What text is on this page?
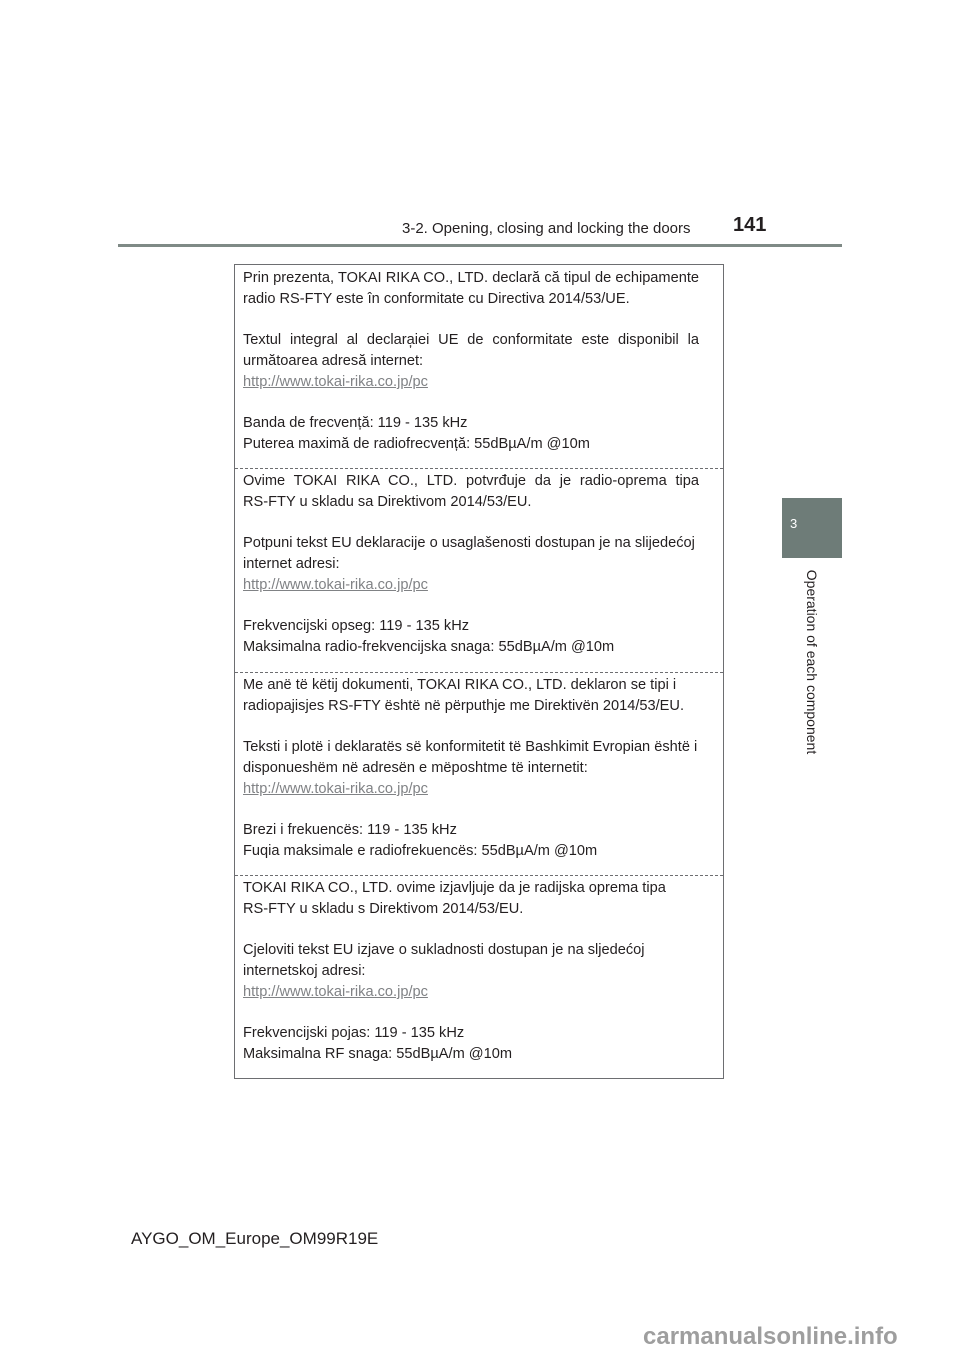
3-2. Opening, closing and locking the doors	141
3
Operation of each component

Prin prezenta, TOKAI RIKA CO., LTD. declară că tipul de echipamente

radio RS-FTY este în conformitate cu Directiva 2014/53/UE.

Textul integral al declara̦iei UE de conformitate este disponibil la

următoarea adresă internet:

http://www.tokai-rika.co.jp/pc

Banda de frecvență: 119 - 135 kHz

Puterea maximă de radiofrecvență: 55dBµA/m @10m

Ovime TOKAI RIKA CO., LTD. potvrđuje da je radio-oprema tipa

RS-FTY u skladu sa Direktivom 2014/53/EU.

Potpuni tekst EU deklaracije o usaglašenosti dostupan je na slijedećoj

internet adresi:

http://www.tokai-rika.co.jp/pc

Frekvencijski opseg: 119 - 135 kHz

Maksimalna radio-frekvencijska snaga: 55dBµA/m @10m

Me anë të këtij dokumenti, TOKAI RIKA CO., LTD. deklaron se tipi i

radiopajisjes RS-FTY është në përputhje me Direktivën 2014/53/EU.

Teksti i plotë i deklaratës së konformitetit të Bashkimit Evropian është i

disponueshëm në adresën e mëposhtme të internetit:

http://www.tokai-rika.co.jp/pc

Brezi i frekuencës: 119 - 135 kHz

Fuqia maksimale e radiofrekuencës: 55dBµA/m @10m

TOKAI RIKA CO., LTD. ovime izjavljuje da je radijska oprema tipa

RS-FTY u skladu s Direktivom 2014/53/EU.

Cjeloviti tekst EU izjave o sukladnosti dostupan je na sljedećoj

internetskoj adresi:

http://www.tokai-rika.co.jp/pc

Frekvencijski pojas: 119 - 135 kHz

Maksimalna RF snaga: 55dBµA/m @10m

AYGO_OM_Europe_OM99R19E
carmanualsonline.info
